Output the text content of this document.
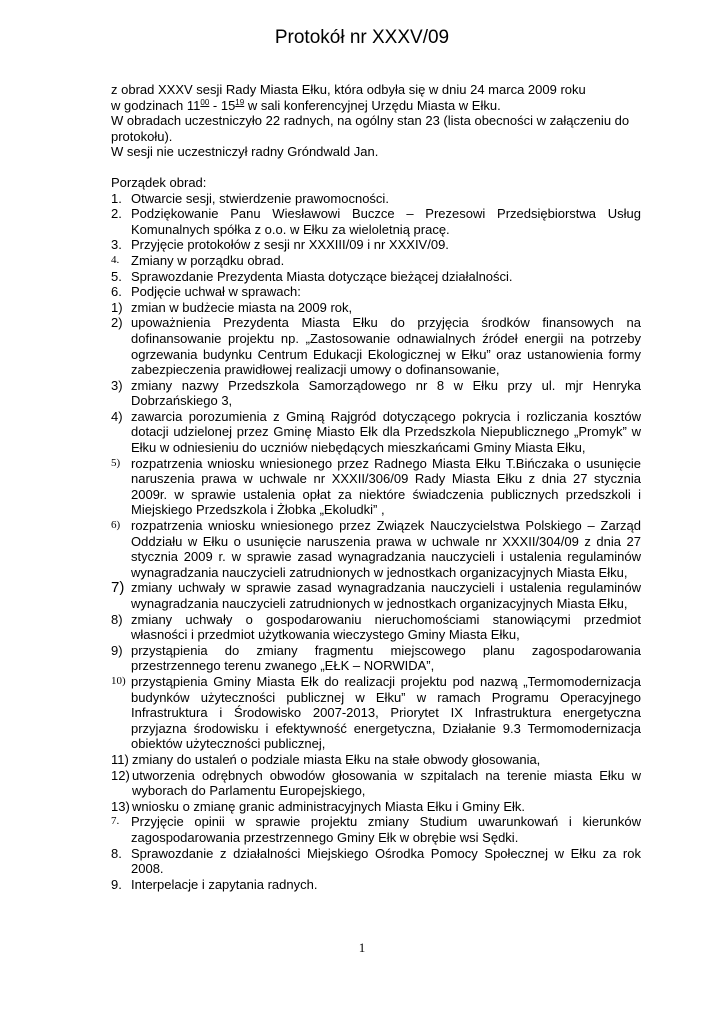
Protokół nr XXXV/09

z obrad XXXV sesji Rady Miasta Ełku, która odbyła się w dniu 24 marca 2009 roku

w godzinach $11^{00} - 15^{19}$ w sali konferencyjnej Urzędu Miasta w Ełku.

W obradach uczestniczyło 22 radnych, na ogólny stan 23 (lista obecności w załączeniu do protokołu).

W sesji nie uczestniczył radny Gróndwald Jan.

Porządek obrad:

1. Otwarcie sesji, stwierdzenie prawomocności.
2. Podziękowanie Panu Wiesławowi Buczce – Prezesowi Przedsiębiorstwa Usług Komunalnych spółka z o.o. w Ełku za wieloletnią pracę.
3. Przyjęcie protokołów z sesji nr XXXIII/09 i nr XXXIV/09.
4. Zmiany w porządku obrad.
5. Sprawozdanie Prezydenta Miasta dotyczące bieżącej działalności.
6. Podjęcie uchwał w sprawach:
1) zmian w budżecie miasta na 2009 rok,
2) upoważnienia Prezydenta Miasta Ełku do przyjęcia środków finansowych na dofinansowanie projektu np. „Zastosowanie odnawialnych źródeł energii na potrzeby ogrzewania budynku Centrum Edukacji Ekologicznej w Ełku” oraz ustanowienia formy zabezpieczenia prawidłowej realizacji umowy o dofinansowanie,
3) zmiany nazwy Przedszkola Samorządowego nr 8 w Ełku przy ul. mjr Henryka Dobrzańskiego 3,
4) zawarcia porozumienia z Gminą Rajgród dotyczącego pokrycia i rozliczania kosztów dotacji udzielonej przez Gminę Miasto Ełk dla Przedszkola Niepublicznego „Promyk” w Ełku w odniesieniu do uczniów niebędących mieszkańcami Gminy Miasta Ełku,
5) rozpatrzenia wniosku wniesionego przez Radnego Miasta Ełku T.Bińczaka o usunięcie naruszenia prawa w uchwale nr XXXII/306/09 Rady Miasta Ełku z dnia 27 stycznia 2009r. w sprawie ustalenia opłat za niektóre świadczenia publicznych przedszkoli i Miejskiego Przedszkola i Żłobka „Ekoludki” ,
6) rozpatrzenia wniosku wniesionego przez Związek Nauczycielstwa Polskiego – Zarząd Oddziału w Ełku o usunięcie naruszenia prawa w uchwale nr XXXII/304/09 z dnia 27 stycznia 2009 r. w sprawie zasad wynagradzania nauczycieli i ustalenia regulaminów wynagradzania nauczycieli zatrudnionych w jednostkach organizacyjnych Miasta Ełku,
7) zmiany uchwały w sprawie zasad wynagradzania nauczycieli i ustalenia regulaminów wynagradzania nauczycieli zatrudnionych w jednostkach organizacyjnych Miasta Ełku,
8) zmiany uchwały o gospodarowaniu nieruchomościami stanowiącymi przedmiot własności i przedmiot użytkowania wieczystego Gminy Miasta Ełku,
9) przystąpienia do zmiany fragmentu miejscowego planu zagospodarowania przestrzennego terenu zwanego „EŁK – NORWIDA”,
10) przystąpienia Gminy Miasta Ełk do realizacji projektu pod nazwą „Termomodernizacja budynków użyteczności publicznej w Ełku” w ramach Programu Operacyjnego Infrastruktura i Środowisko 2007-2013, Priorytet IX Infrastruktura energetyczna przyjazna środowisku i efektywność energetyczna, Działanie 9.3 Termomodernizacja obiektów użyteczności publicznej,
11) zmiany do ustaleń o podziale miasta Ełku na stałe obwody głosowania,
12) utworzenia odrębnych obwodów głosowania w szpitalach na terenie miasta Ełku w wyborach do Parlamentu Europejskiego,
13) wniosku o zmianę granic administracyjnych Miasta Ełku i Gminy Ełk.
7. Przyjęcie opinii w sprawie projektu zmiany Studium uwarunkowań i kierunków zagospodarowania przestrzennego Gminy Ełk w obrębie wsi Sędki.
8. Sprawozdanie z działalności Miejskiego Ośrodka Pomocy Społecznej w Ełku za rok 2008.
9. Interpelacje i zapytania radnych.
1
